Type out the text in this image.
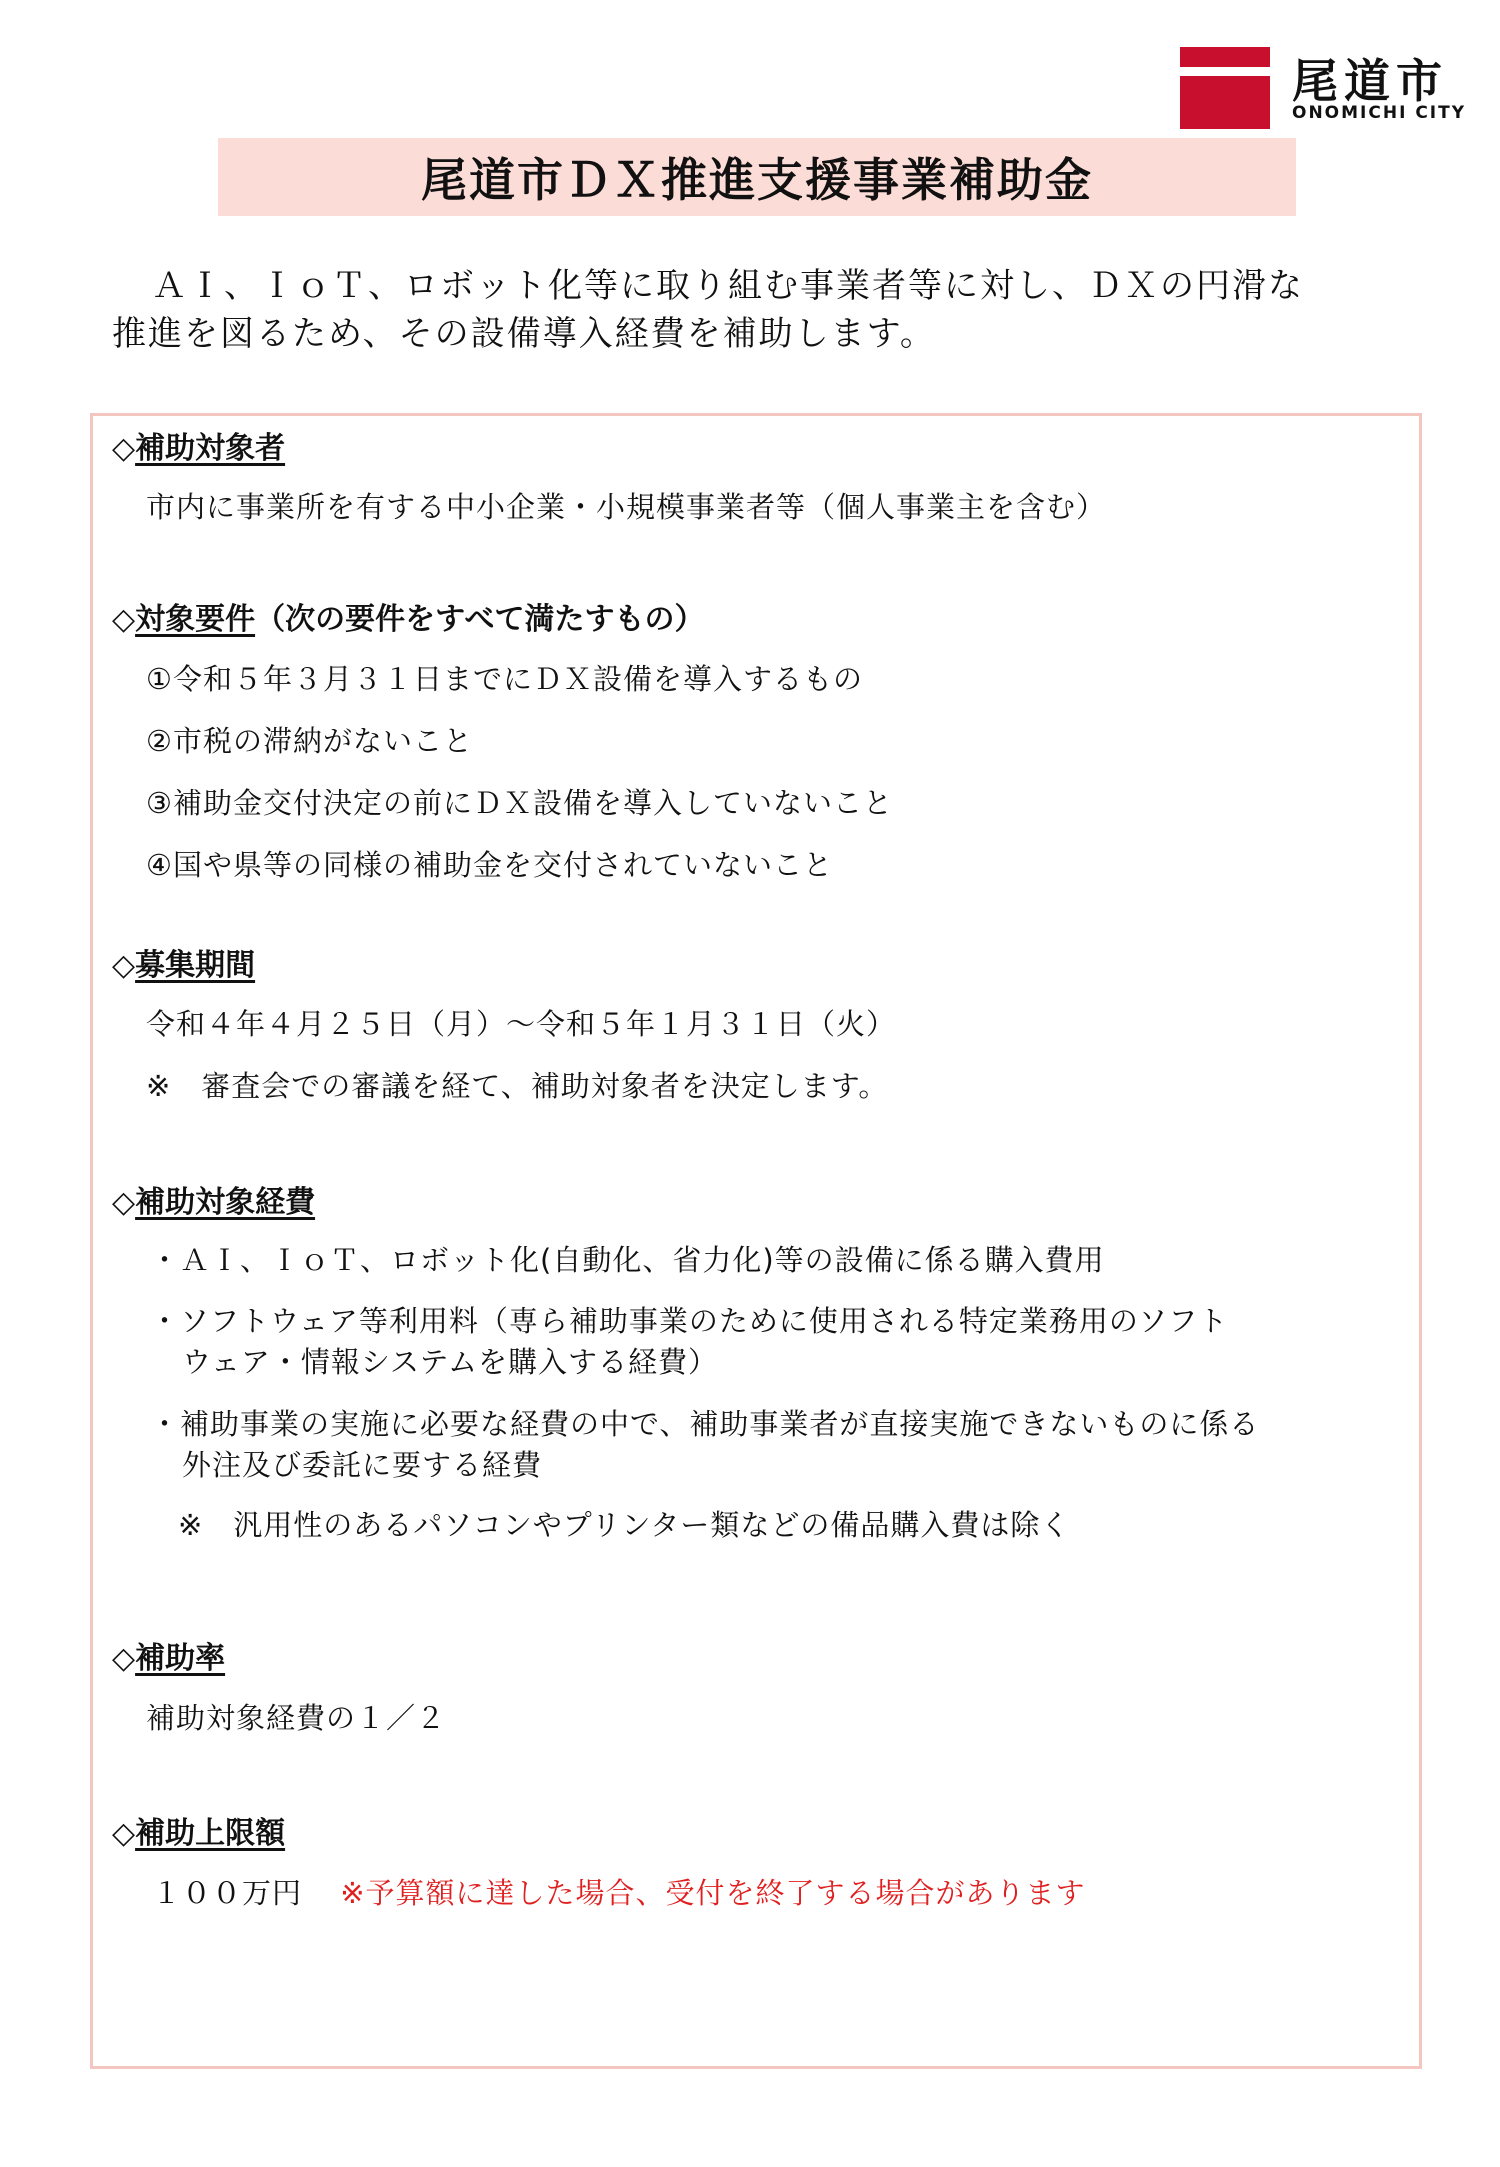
尾道市
ONOMICHI CITY
尾道市ＤＸ推進支援事業補助金

ＡＩ、ＩｏＴ、ロボット化等に取り組む事業者等に対し、ＤＸの円滑な

推進を図るため、その設備導入経費を補助します。

◇補助対象者
市内に事業所を有する中小企業・小規模事業者等（個人事業主を含む）
◇対象要件（次の要件をすべて満たすもの）
①令和５年３月３１日までにＤＸ設備を導入するもの
②市税の滞納がないこと
③補助金交付決定の前にＤＸ設備を導入していないこと
④国や県等の同様の補助金を交付されていないこと
◇募集期間
令和４年４月２５日（月）～令和５年１月３１日（火）
※　審査会での審議を経て、補助対象者を決定します。
◇補助対象経費
・ＡＩ、ＩｏＴ、ロボット化(自動化、省力化)等の設備に係る購入費用
・ソフトウェア等利用料（専ら補助事業のために使用される特定業務用のソフト
ウェア・情報システムを購入する経費）
・補助事業の実施に必要な経費の中で、補助事業者が直接実施できないものに係る
外注及び委託に要する経費
※　汎用性のあるパソコンやプリンター類などの備品購入費は除く
◇補助率
補助対象経費の１／２
◇補助上限額
１００万円 ※予算額に達した場合、受付を終了する場合があります
